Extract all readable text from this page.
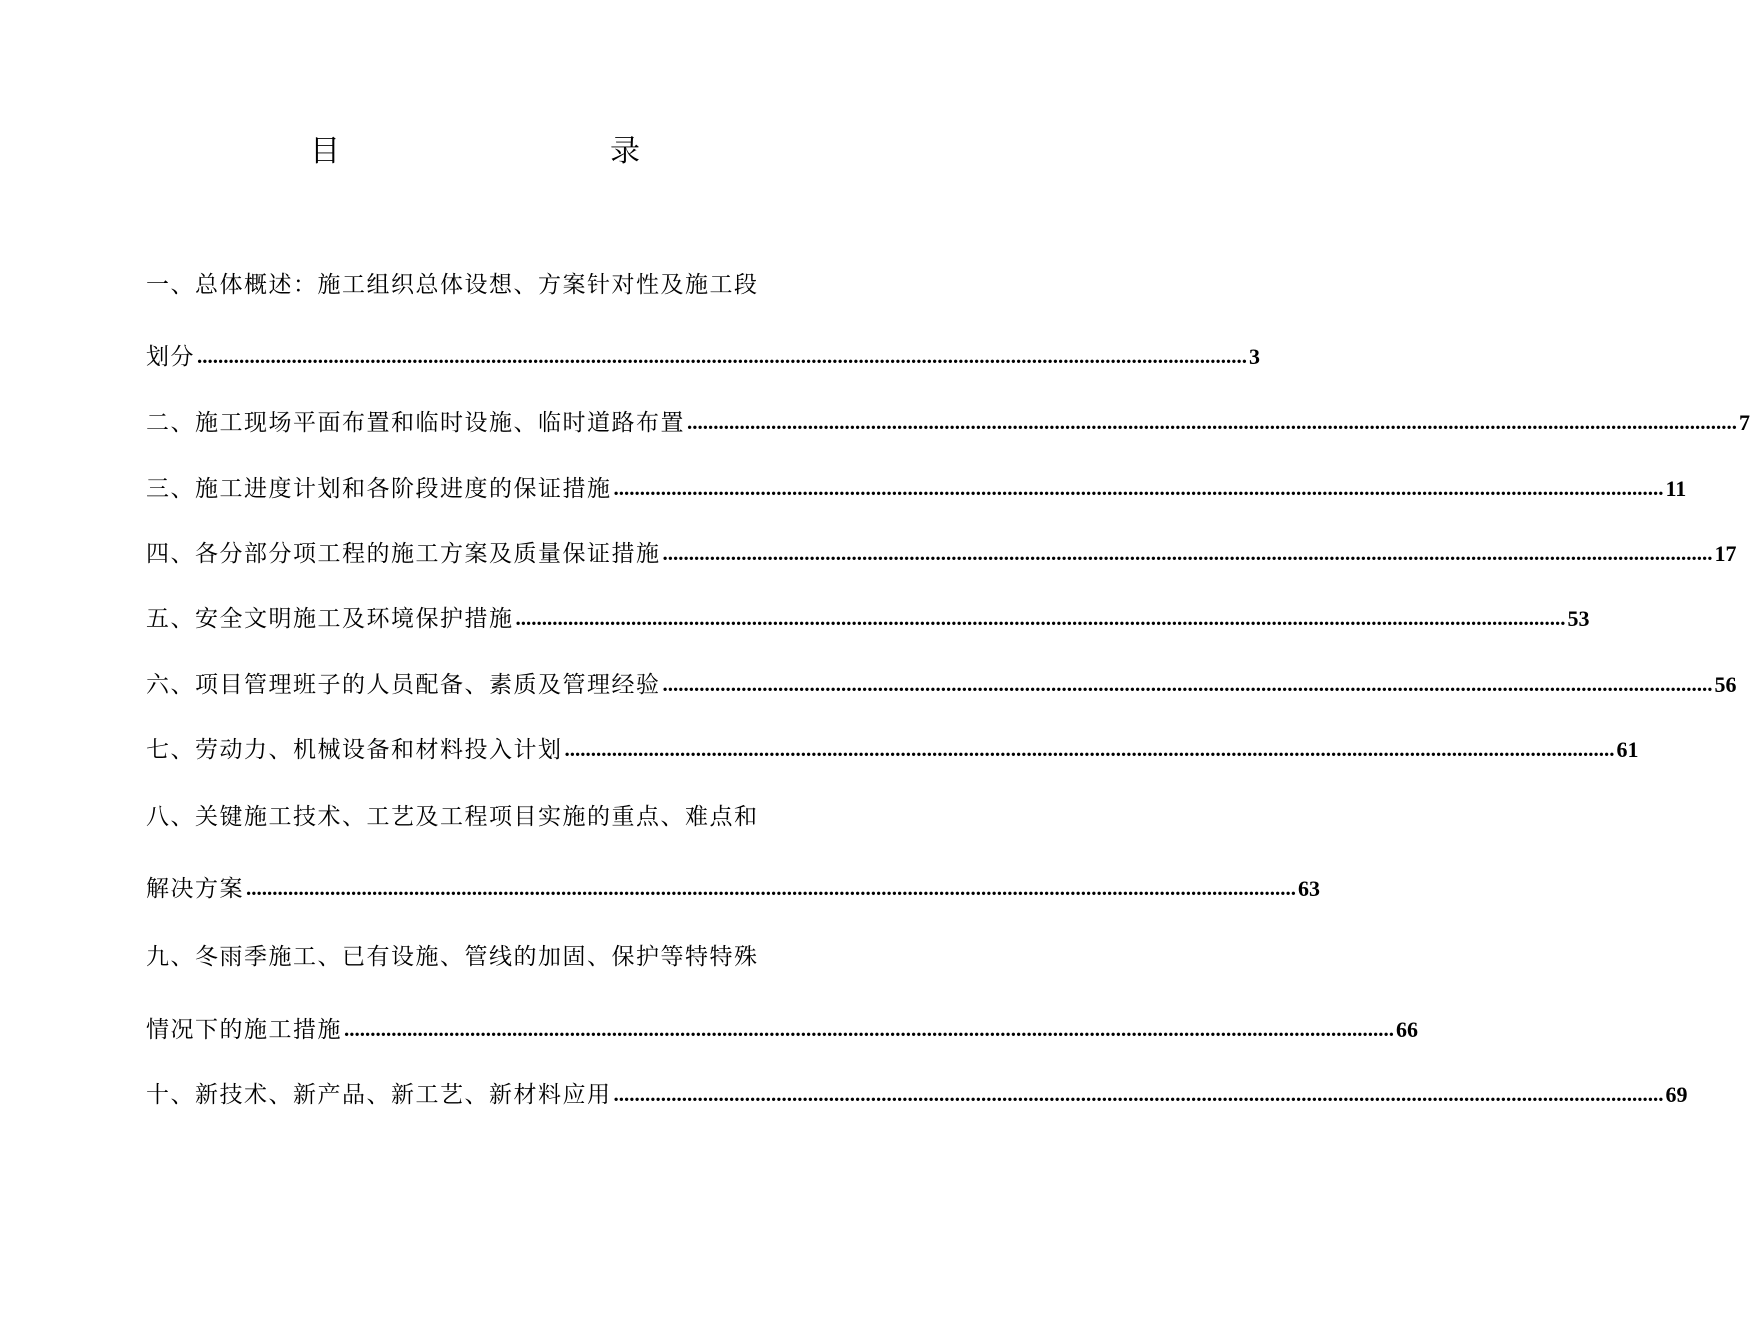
目　　录
一、总体概述：施工组织总体设想、方案针对性及施工段
划分 ........................................................................................................................................................................................................ 3
二、施工现场平面布置和临时设施、临时道路布置 ........................................................................................................................................................................................................ 7
三、施工进度计划和各阶段进度的保证措施 ........................................................................................................................................................................................................ 11
四、各分部分项工程的施工方案及质量保证措施 ........................................................................................................................................................................................................ 17
五、安全文明施工及环境保护措施 ........................................................................................................................................................................................................ 53
六、项目管理班子的人员配备、素质及管理经验 ........................................................................................................................................................................................................ 56
七、劳动力、机械设备和材料投入计划 ........................................................................................................................................................................................................ 61
八、关键施工技术、工艺及工程项目实施的重点、难点和
解决方案 ........................................................................................................................................................................................................ 63
九、冬雨季施工、已有设施、管线的加固、保护等特特殊
情况下的施工措施 ........................................................................................................................................................................................................ 66
十、新技术、新产品、新工艺、新材料应用 ........................................................................................................................................................................................................ 69
